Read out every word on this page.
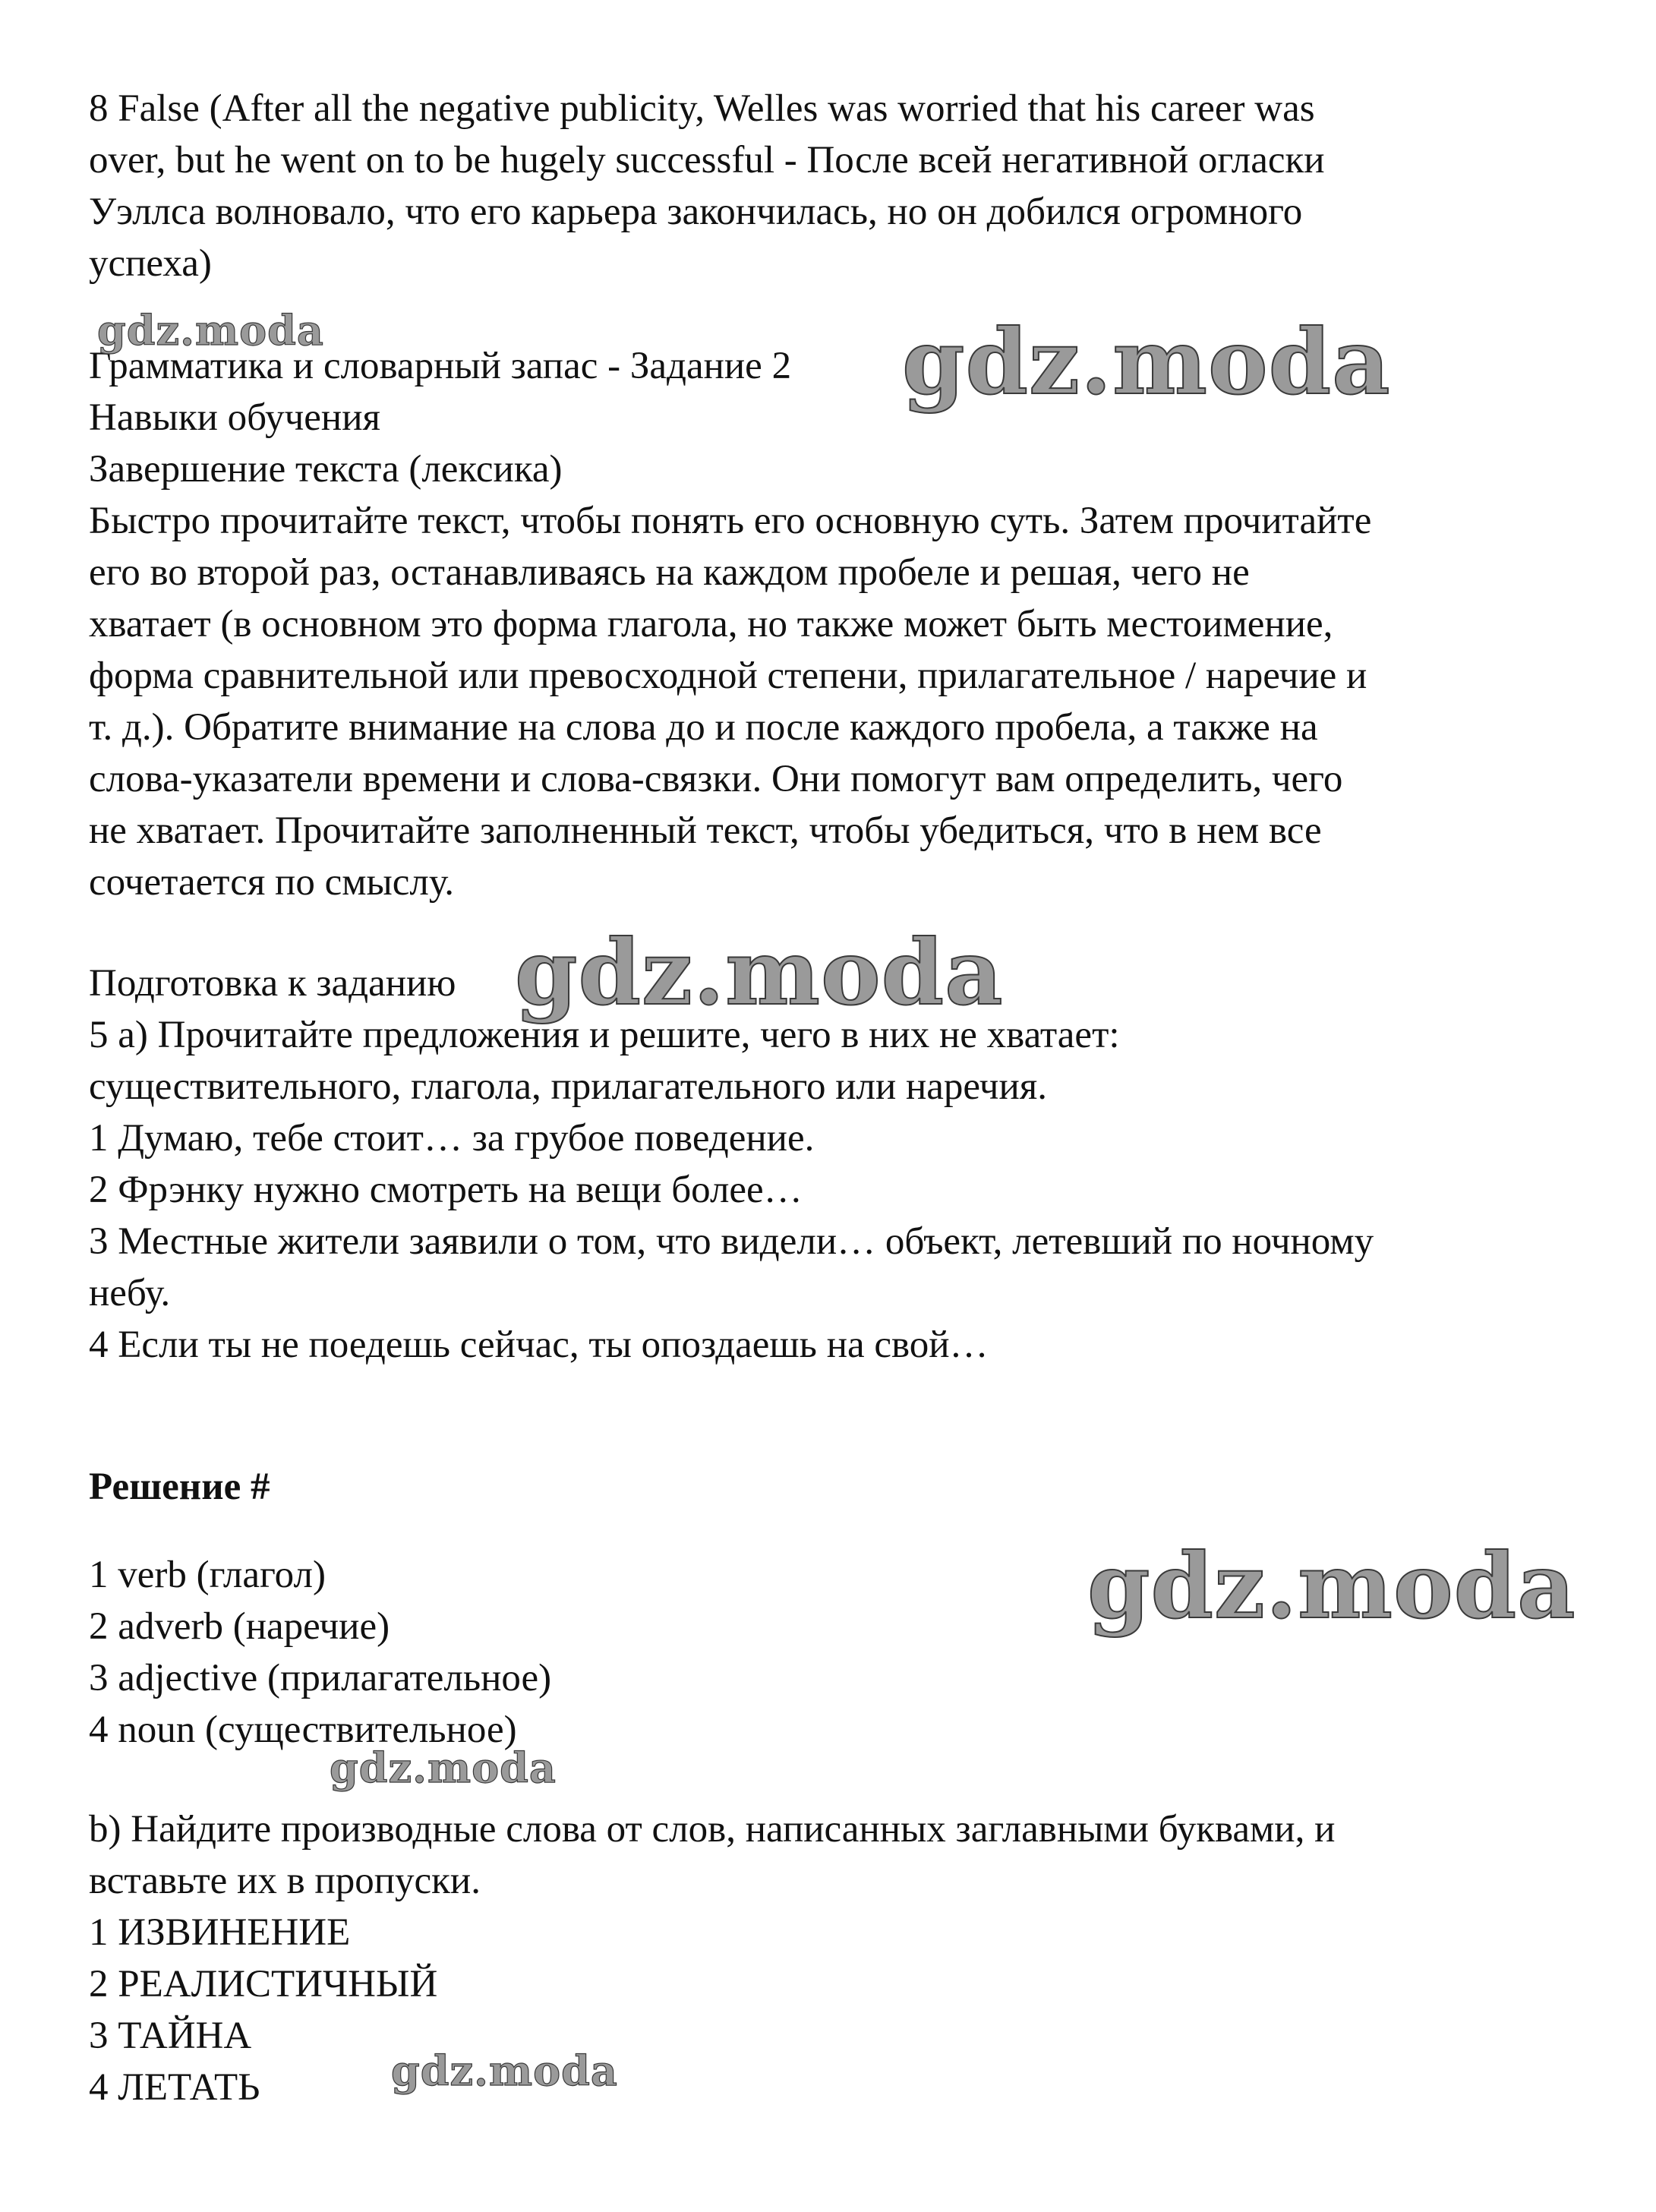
8 False (After all the negative publicity, Welles was worried that his career was

over, but he went on to be hugely successful - После всей негативной огласки

Уэллса волновало, что его карьера закончилась, но он добился огромного

успеха)

Грамматика и словарный запас - Задание 2

Навыки обучения

Завершение текста (лексика)

Быстро прочитайте текст, чтобы понять его основную суть. Затем прочитайте

его во второй раз, останавливаясь на каждом пробеле и решая, чего не

хватает (в основном это форма глагола, но также может быть местоимение,

форма сравнительной или превосходной степени, прилагательное / наречие и

т. д.). Обратите внимание на слова до и после каждого пробела, а также на

слова-указатели времени и слова-связки. Они помогут вам определить, чего

не хватает. Прочитайте заполненный текст, чтобы убедиться, что в нем все

сочетается по смыслу.

Подготовка к заданию

5 a) Прочитайте предложения и решите, чего в них не хватает:

существительного, глагола, прилагательного или наречия.

1 Думаю, тебе стоит… за грубое поведение.

2 Фрэнку нужно смотреть на вещи более…

3 Местные жители заявили о том, что видели… объект, летевший по ночному

небу.

4 Если ты не поедешь сейчас, ты опоздаешь на свой…

Решение #

1 verb (глагол)

2 adverb (наречие)

3 adjective (прилагательное)

4 noun (существительное)

b) Найдите производные слова от слов, написанных заглавными буквами, и

вставьте их в пропуски.

1 ИЗВИНЕНИЕ

2 РЕАЛИСТИЧНЫЙ

3 ТАЙНА

4 ЛЕТАТЬ

gdz.moda	gdz.moda
gdz.moda
gdz.moda
gdz.moda
gdz.moda
